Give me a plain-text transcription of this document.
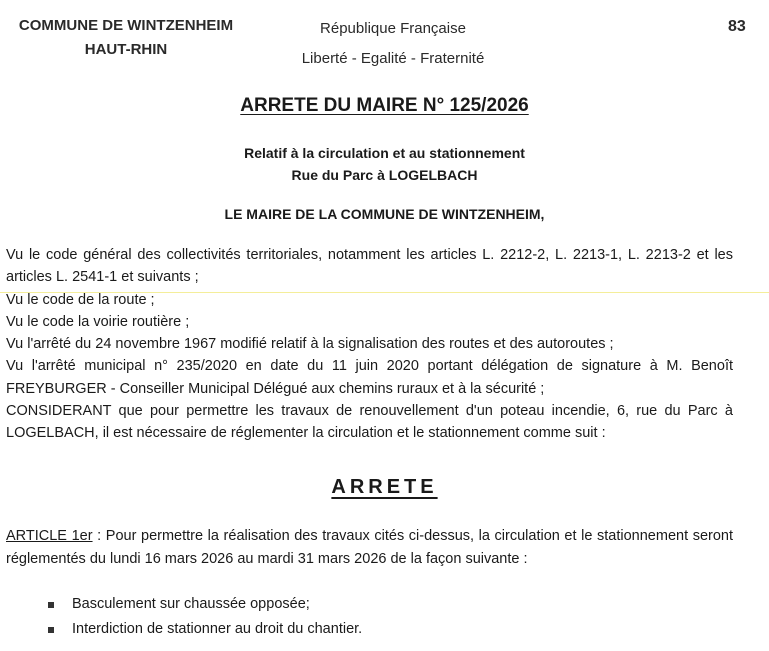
COMMUNE DE WINTZENHEIM
HAUT-RHIN
République Française
Liberté - Egalité - Fraternité
83
ARRETE DU MAIRE N° 125/2026
Relatif à la circulation et au stationnement
Rue du Parc à LOGELBACH
LE MAIRE DE LA COMMUNE DE WINTZENHEIM,

Vu le code général des collectivités territoriales, notamment les articles L. 2212-2, L. 2213-1, L. 2213-2 et les articles L. 2541-1 et suivants ;

Vu le code de la route ;

Vu le code la voirie routière ;

Vu l'arrêté du 24 novembre 1967 modifié relatif à la signalisation des routes et des autoroutes ;

Vu l'arrêté municipal n° 235/2020 en date du 11 juin 2020 portant délégation de signature à M. Benoît FREYBURGER - Conseiller Municipal Délégué aux chemins ruraux et à la sécurité ;

CONSIDERANT que pour permettre les travaux de renouvellement d'un poteau incendie, 6, rue du Parc à LOGELBACH, il est nécessaire de réglementer la circulation et le stationnement comme suit :

ARRETE
ARTICLE 1er : Pour permettre la réalisation des travaux cités ci-dessus, la circulation et le stationnement seront réglementés du lundi 16 mars 2026 au mardi 31 mars 2026 de la façon suivante :
Basculement sur chaussée opposée;
Interdiction de stationner au droit du chantier.
